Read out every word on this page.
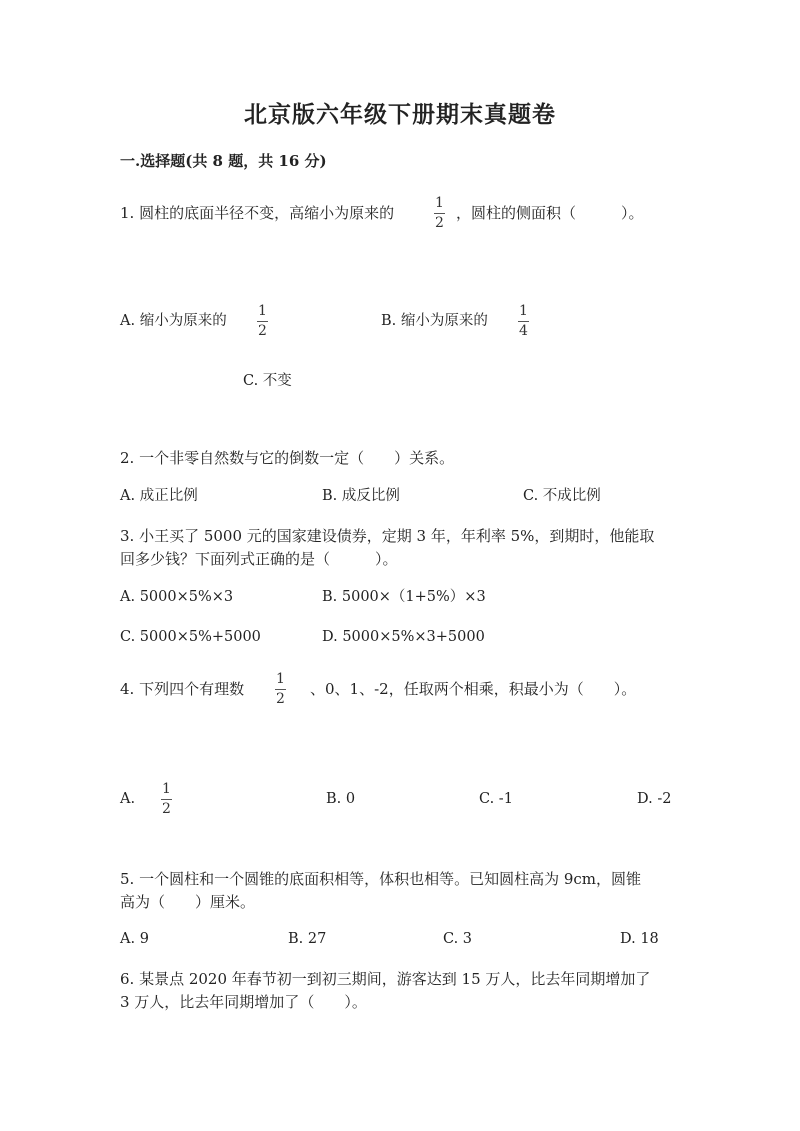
北京版六年级下册期末真题卷
一.选择题(共 8 题，共 16 分)
1. 圆柱的底面半径不变，高缩小为原来的
1
2
，圆柱的侧面积（　　　）。
A. 缩小为原来的
1
2
B. 缩小为原来的
1
4
C. 不变
2. 一个非零自然数与它的倒数一定（　　）关系。
A. 成正比例	B. 成反比例	C. 不成比例
3. 小王买了 5000 元的国家建设债券，定期 3 年，年利率 5%，到期时，他能取
回多少钱？下面列式正确的是（　　　）。
A. 5000×5%×3	B. 5000×（1+5%）×3
C. 5000×5%+5000	D. 5000×5%×3+5000
4. 下列四个有理数
1
2
、0、1、-2，任取两个相乘，积最小为（　　）。
A.
1
2
B. 0	C. -1	D. -2
5. 一个圆柱和一个圆锥的底面积相等，体积也相等。已知圆柱高为 9cm，圆锥
高为（　　）厘米。
A. 9	B. 27	C. 3	D. 18
6. 某景点 2020 年春节初一到初三期间，游客达到 15 万人，比去年同期增加了
3 万人，比去年同期增加了（　　）。
